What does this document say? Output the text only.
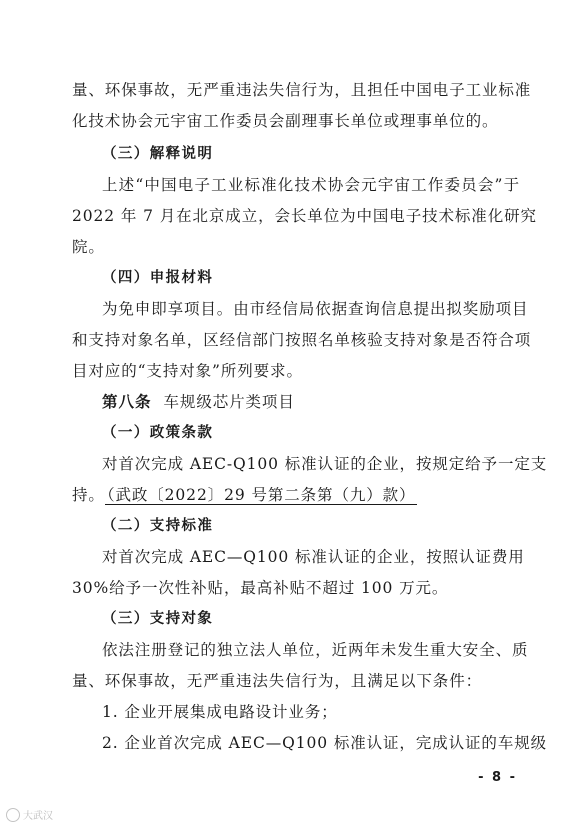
量、环保事故，无严重违法失信行为，且担任中国电子工业标准
化技术协会元宇宙工作委员会副理事长单位或理事单位的。
（三）解释说明
上述“中国电子工业标准化技术协会元宇宙工作委员会”于
2022 年 7 月在北京成立，会长单位为中国电子技术标准化研究
院。
（四）申报材料
为免申即享项目。由市经信局依据查询信息提出拟奖励项目
和支持对象名单，区经信部门按照名单核验支持对象是否符合项
目对应的“支持对象”所列要求。
第八条 车规级芯片类项目
（一）政策条款
对首次完成 AEC-Q100 标准认证的企业，按规定给予一定支
持。 （武政〔2022〕29 号第二条第（九）款）
（二）支持标准
对首次完成 AEC—Q100 标准认证的企业，按照认证费用
30%给予一次性补贴，最高补贴不超过 100 万元。
（三）支持对象
依法注册登记的独立法人单位，近两年未发生重大安全、质
量、环保事故，无严重违法失信行为，且满足以下条件：
1. 企业开展集成电路设计业务；
2. 企业首次完成 AEC—Q100 标准认证，完成认证的车规级
- 8 -
大武汉
